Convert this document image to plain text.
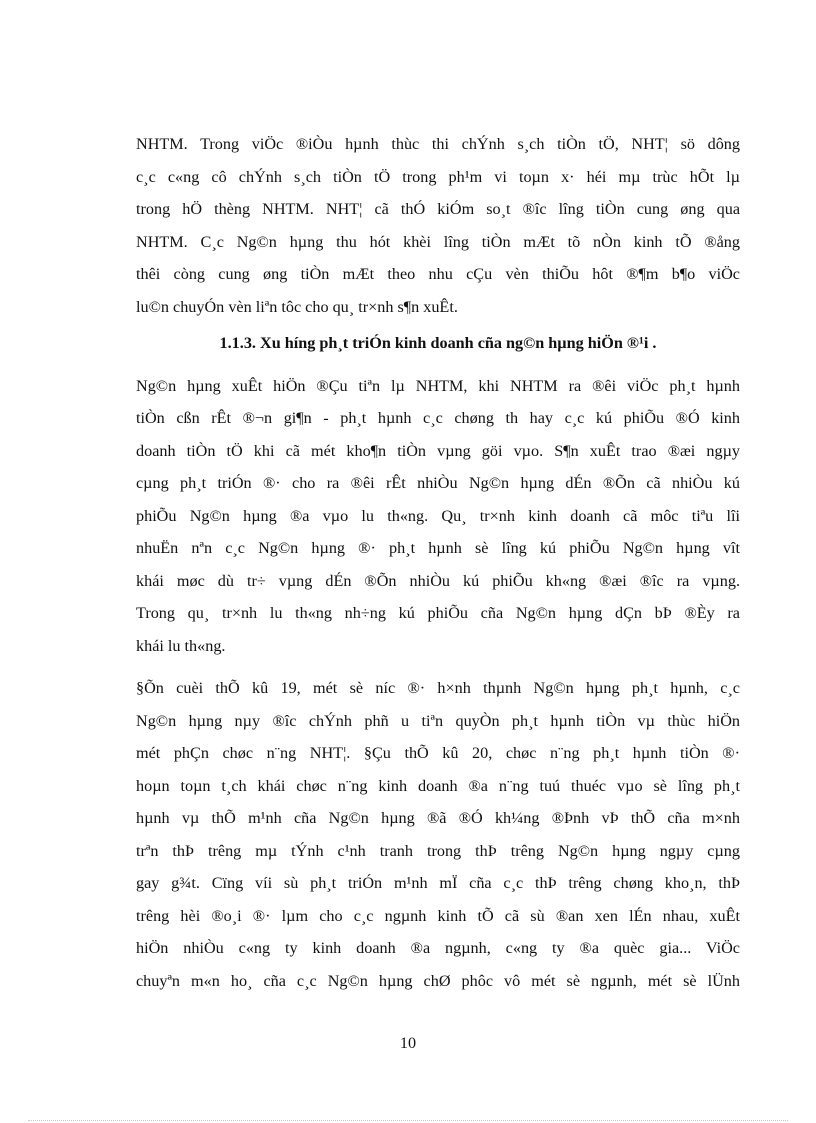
NHTM. Trong viÖc ®iÒu hµnh thùc thi chÝnh s¸ch tiÒn tÖ, NHT¦ sö dông
c¸c c«ng cô chÝnh s¸ch tiÒn tÖ trong ph¹m vi toµn x· héi mµ trùc hÕt lµ
trong hÖ thèng NHTM. NHT¦ cã thÓ kiÓm so¸t ®îc lîng tiÒn cung øng qua
NHTM. C¸c Ng©n hµng thu hót khèi lîng tiÒn mÆt tõ nÒn kinh tÕ ®ång
thêi còng cung øng tiÒn mÆt theo nhu cÇu vèn thiÕu hôt ®¶m b¶o viÖc
lu©n chuyÓn vèn liªn tôc cho qu¸ tr×nh s¶n xuÊt.
1.1.3. Xu híng ph¸t triÓn kinh doanh cña ng©n hµng hiÖn ®¹i .
Ng©n hµng xuÊt hiÖn ®Çu tiªn lµ NHTM, khi NHTM ra ®êi viÖc ph¸t hµnh
tiÒn cßn rÊt ®¬n gi¶n - ph¸t hµnh c¸c chøng th hay c¸c kú phiÕu ®Ó kinh
doanh tiÒn tÖ khi cã mét kho¶n tiÒn vµng göi vµo. S¶n xuÊt trao ®æi ngµy
cµng ph¸t triÓn ®· cho ra ®êi rÊt nhiÒu Ng©n hµng dÉn ®Õn cã nhiÒu kú
phiÕu Ng©n hµng ®a vµo lu th«ng. Qu¸ tr×nh kinh doanh cã môc tiªu lîi
nhuËn nªn c¸c Ng©n hµng ®· ph¸t hµnh sè lîng kú phiÕu Ng©n hµng vît
khái møc dù tr÷ vµng dÉn ®Õn nhiÒu kú phiÕu kh«ng ®æi ®îc ra vµng.
Trong qu¸ tr×nh lu th«ng nh÷ng kú phiÕu cña Ng©n hµng dÇn bÞ ®Èy ra
khái lu th«ng.
§Õn cuèi thÕ kû 19, mét sè níc ®· h×nh thµnh Ng©n hµng ph¸t hµnh, c¸c
Ng©n hµng nµy ®îc chÝnh phñ u tiªn quyÒn ph¸t hµnh tiÒn vµ thùc hiÖn
mét phÇn chøc n¨ng NHT¦. §Çu thÕ kû 20, chøc n¨ng ph¸t hµnh tiÒn ®·
hoµn toµn t¸ch khái chøc n¨ng kinh doanh ®a n¨ng tuú thuéc vµo sè lîng ph¸t
hµnh vµ thÕ m¹nh cña Ng©n hµng ®ã ®Ó kh¼ng ®Þnh vÞ thÕ cña m×nh
trªn thÞ trêng mµ tÝnh c¹nh tranh trong thÞ trêng Ng©n hµng ngµy cµng
gay g¾t. Cïng víi sù ph¸t triÓn m¹nh mÏ cña c¸c thÞ trêng chøng kho¸n, thÞ
trêng hèi ®o¸i ®· lµm cho c¸c ngµnh kinh tÕ cã sù ®an xen lÉn nhau, xuÊt
hiÖn nhiÒu c«ng ty kinh doanh ®a ngµnh, c«ng ty ®a quèc gia... ViÖc
chuyªn m«n ho¸ cña c¸c Ng©n hµng chØ phôc vô mét sè ngµnh, mét sè lÜnh
10
